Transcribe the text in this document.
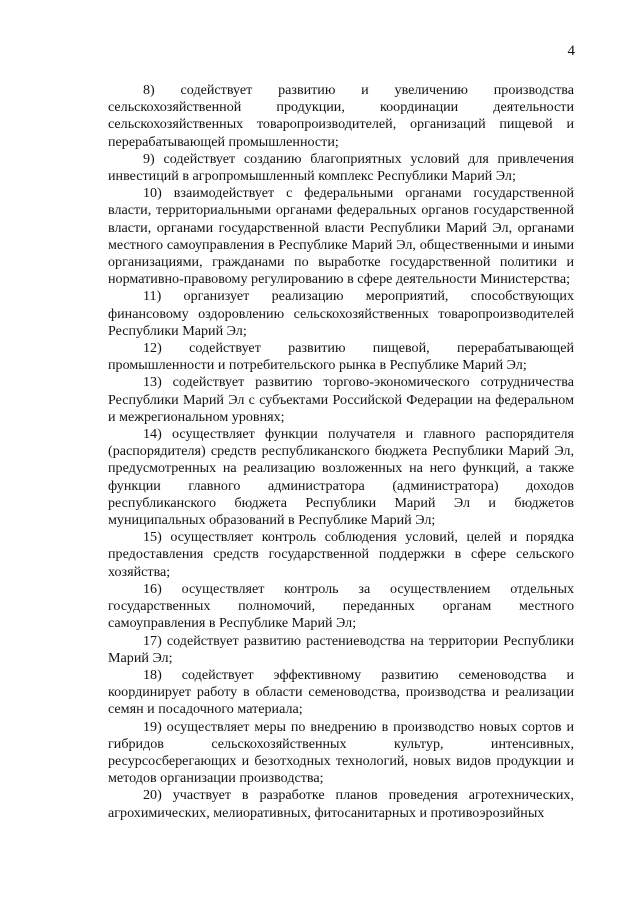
4

8) содействует развитию и увеличению производства сельскохозяйственной продукции, координации деятельности сельскохозяйственных товаропроизводителей, организаций пищевой и перерабатывающей промышленности;

9) содействует созданию благоприятных условий для привлечения инвестиций в агропромышленный комплекс Республики Марий Эл;

10) взаимодействует с федеральными органами государственной власти, территориальными органами федеральных органов государственной власти, органами государственной власти Республики Марий Эл, органами местного самоуправления в Республике Марий Эл, общественными и иными организациями, гражданами по выработке государственной политики и нормативно-правовому регулированию в сфере деятельности Министерства;

11) организует реализацию мероприятий, способствующих финансовому оздоровлению сельскохозяйственных товаропроизводителей Республики Марий Эл;

12) содействует развитию пищевой, перерабатывающей промышленности и потребительского рынка в Республике Марий Эл;

13) содействует развитию торгово-экономического сотрудничества Республики Марий Эл с субъектами Российской Федерации на федеральном и межрегиональном уровнях;

14) осуществляет функции получателя и главного распорядителя (распорядителя) средств республиканского бюджета Республики Марий Эл, предусмотренных на реализацию возложенных на него функций, а также функции главного администратора (администратора) доходов республиканского бюджета Республики Марий Эл и бюджетов муниципальных образований в Республике Марий Эл;

15) осуществляет контроль соблюдения условий, целей и порядка предоставления средств государственной поддержки в сфере сельского хозяйства;

16) осуществляет контроль за осуществлением отдельных государственных полномочий, переданных органам местного самоуправления в Республике Марий Эл;

17) содействует развитию растениеводства на территории Республики Марий Эл;

18) содействует эффективному развитию семеноводства и координирует работу в области семеноводства, производства и реализации семян и посадочного материала;

19) осуществляет меры по внедрению в производство новых сортов и гибридов сельскохозяйственных культур, интенсивных, ресурсосберегающих и безотходных технологий, новых видов продукции и методов организации производства;

20) участвует в разработке планов проведения агротехнических, агрохимических, мелиоративных, фитосанитарных и противоэрозийных
